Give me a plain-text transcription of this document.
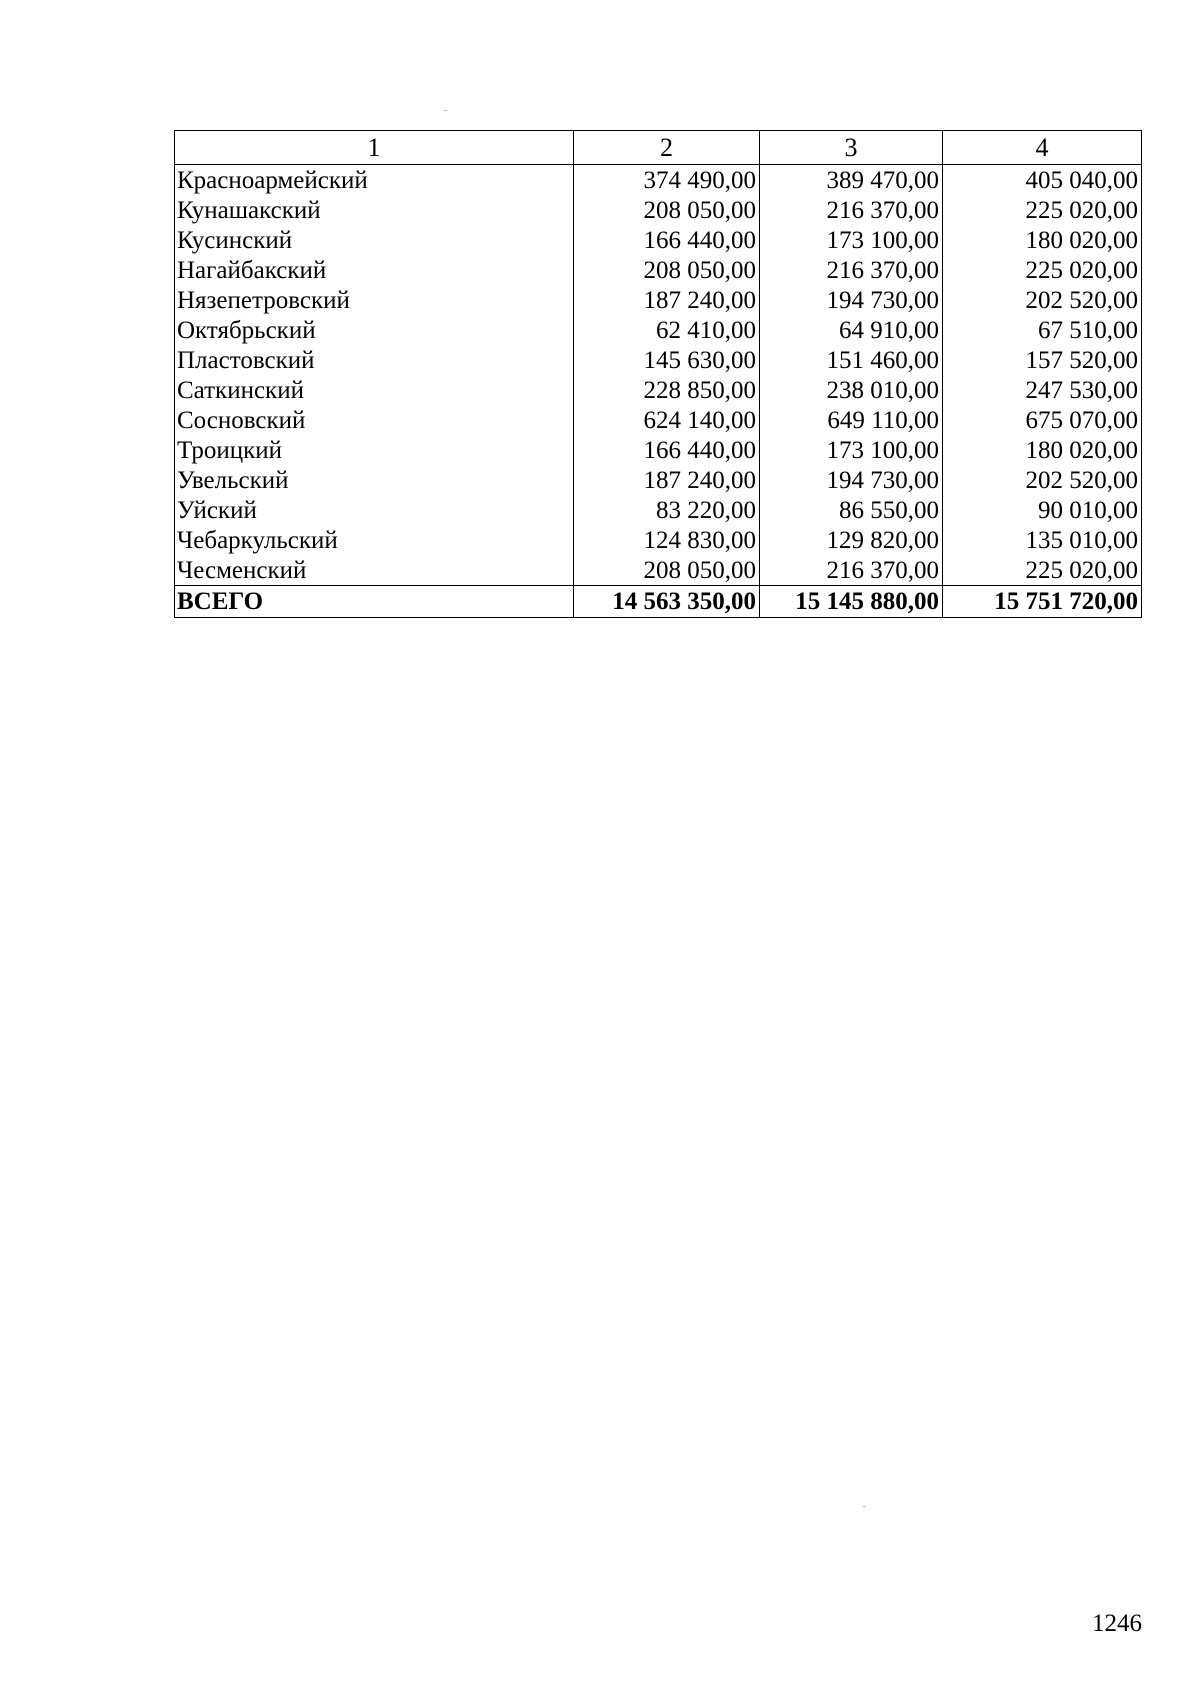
1	2	3	4
Красноармейский	374 490,00	389 470,00	405 040,00
Кунашакский	208 050,00	216 370,00	225 020,00
Кусинский	166 440,00	173 100,00	180 020,00
Нагайбакский	208 050,00	216 370,00	225 020,00
Нязепетровский	187 240,00	194 730,00	202 520,00
Октябрьский	62 410,00	64 910,00	67 510,00
Пластовский	145 630,00	151 460,00	157 520,00
Саткинский	228 850,00	238 010,00	247 530,00
Сосновский	624 140,00	649 110,00	675 070,00
Троицкий	166 440,00	173 100,00	180 020,00
Увельский	187 240,00	194 730,00	202 520,00
Уйский	83 220,00	86 550,00	90 010,00
Чебаркульский	124 830,00	129 820,00	135 010,00
Чесменский	208 050,00	216 370,00	225 020,00
ВСЕГО	14 563 350,00	15 145 880,00	15 751 720,00
1246
